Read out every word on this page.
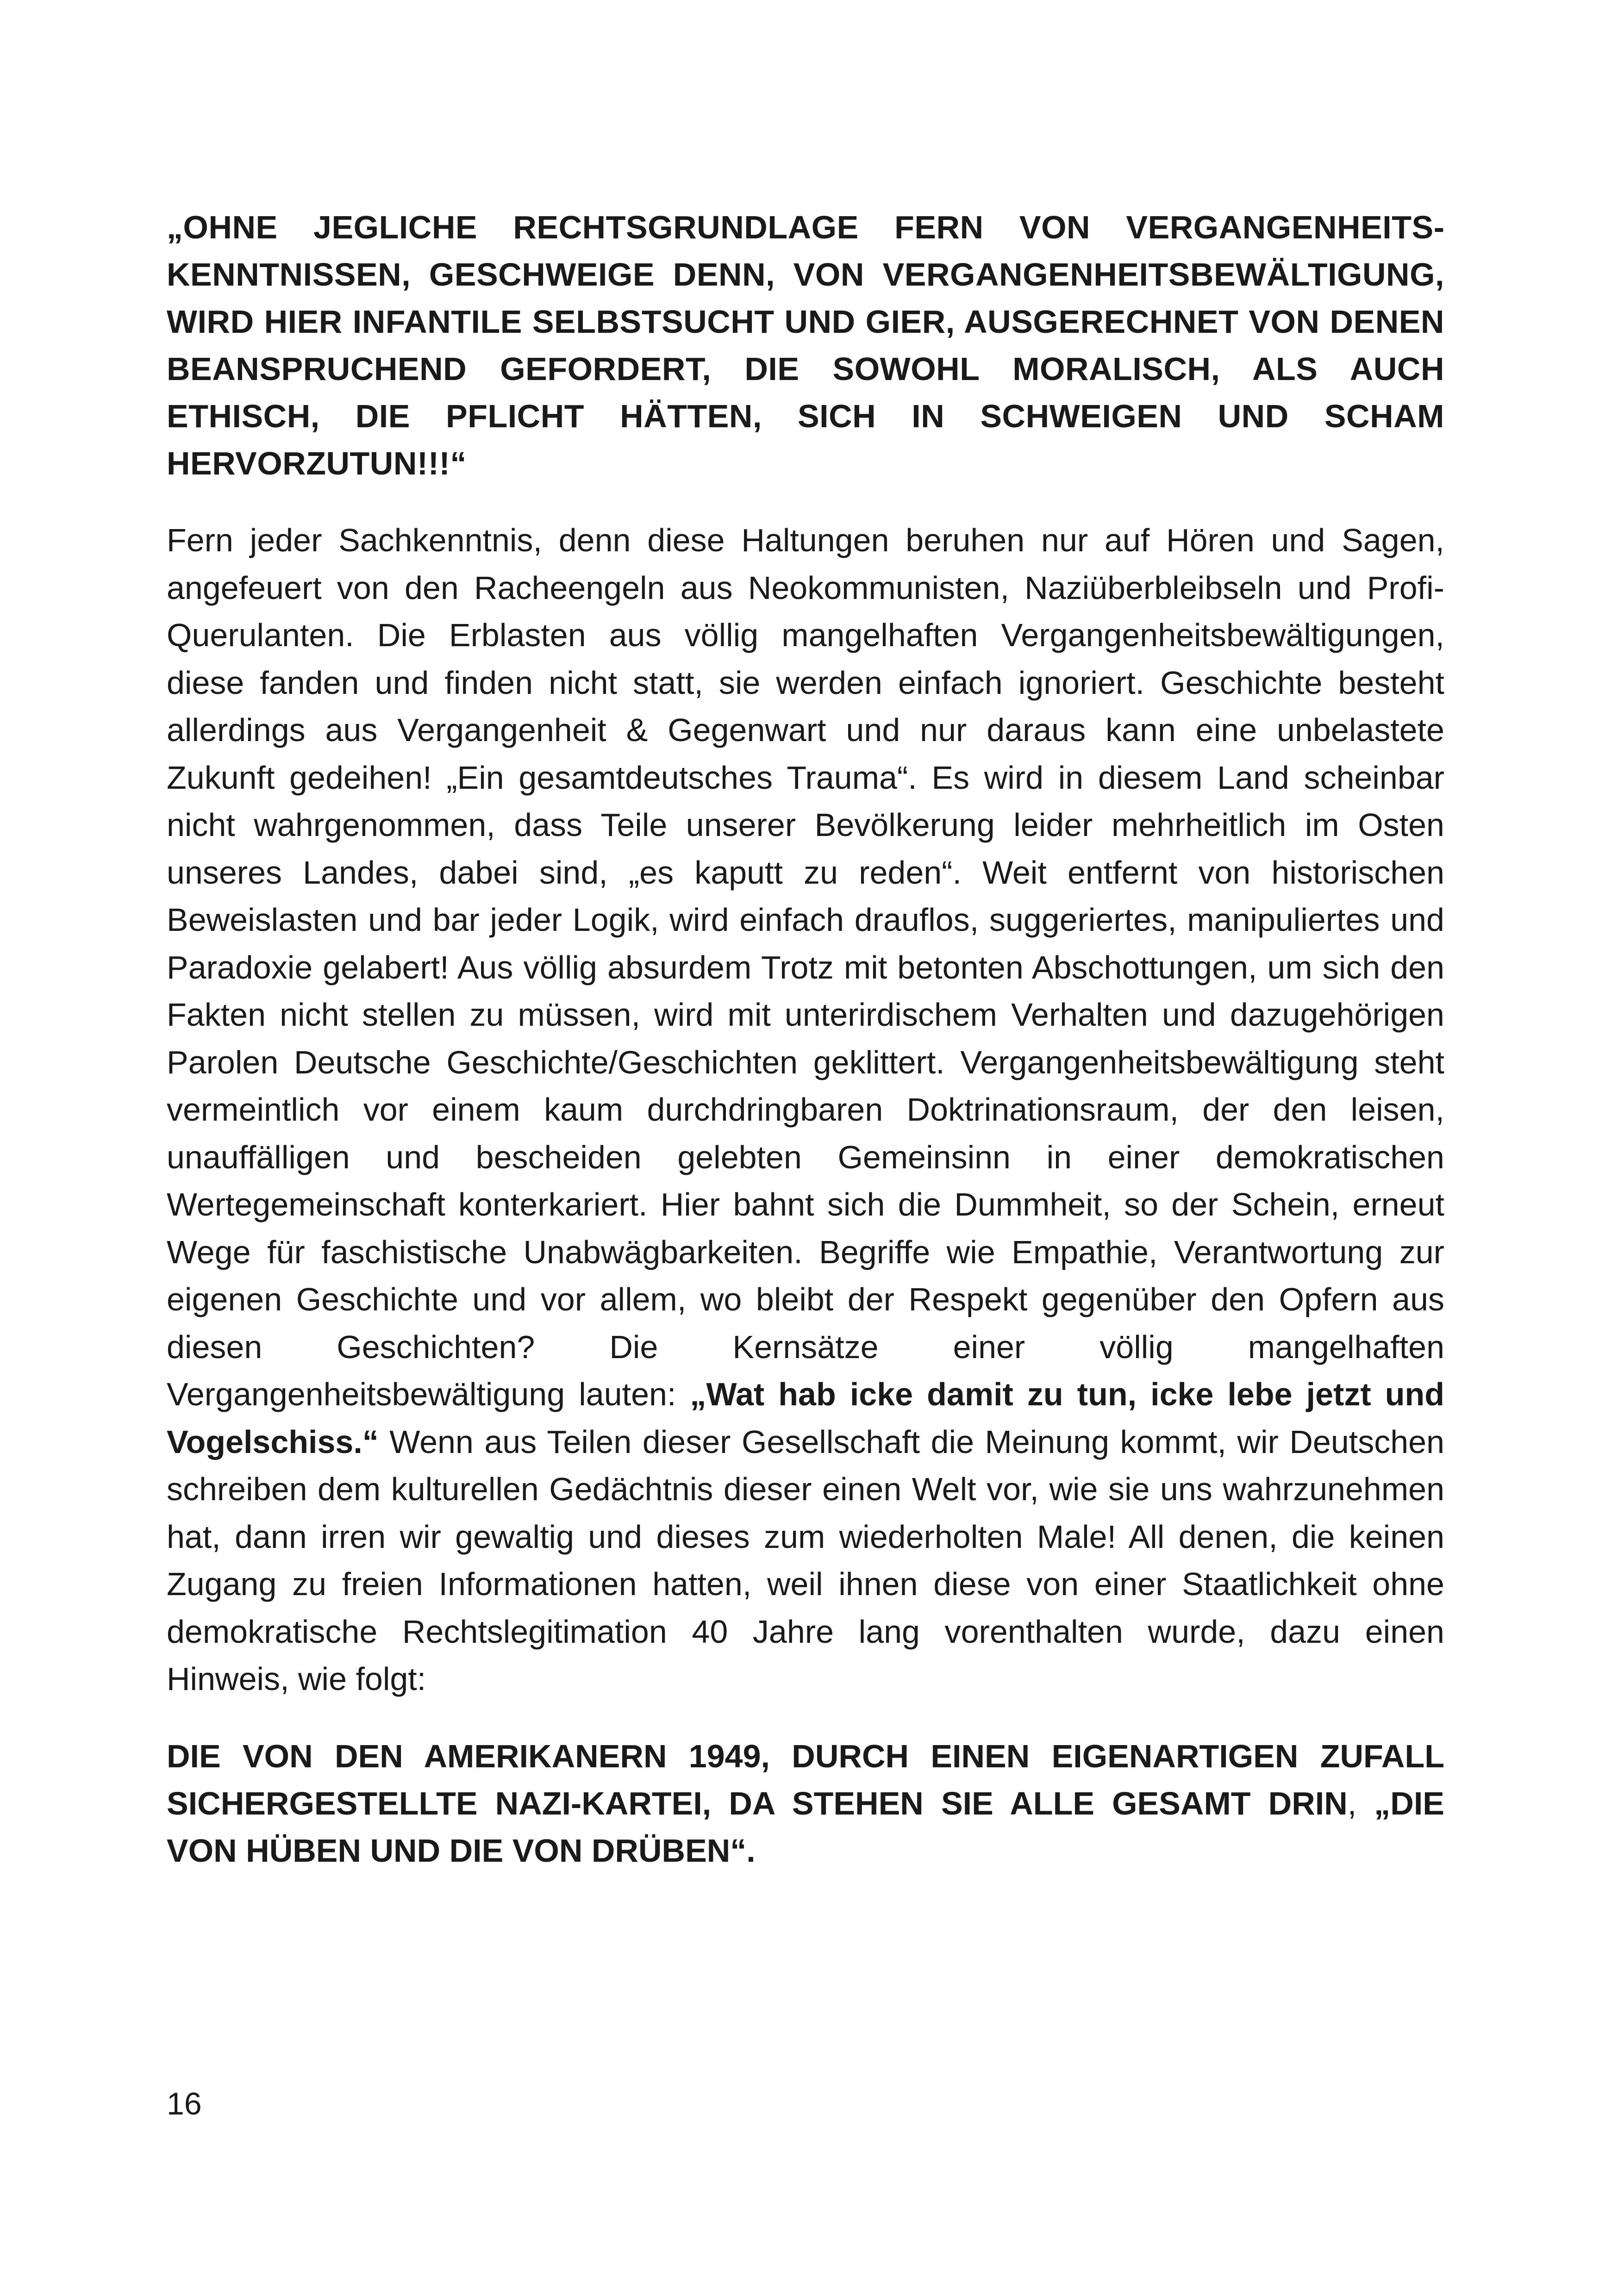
„OHNE JEGLICHE RECHTSGRUNDLAGE FERN VON VERGANGENHEITSKENNTNISSEN, GESCHWEIGE DENN, VON VERGANGENHEITSBEWÄLTIGUNG, WIRD HIER INFANTILE SELBSTSUCHT UND GIER, AUSGERECHNET VON DENEN BEANSPRUCHEND GEFORDERT, DIE SOWOHL MORALISCH, ALS AUCH ETHISCH, DIE PFLICHT HÄTTEN, SICH IN SCHWEIGEN UND SCHAM HERVORZUTUN!!!“

Fern jeder Sachkenntnis, denn diese Haltungen beruhen nur auf Hören und Sagen, angefeuert von den Racheengeln aus Neokommunisten, Naziüberbleibseln und Profi-Querulanten. Die Erblasten aus völlig mangelhaften Vergangenheitsbewältigungen, diese fanden und finden nicht statt, sie werden einfach ignoriert. Geschichte besteht allerdings aus Vergangenheit & Gegenwart und nur daraus kann eine unbelastete Zukunft gedeihen! „Ein gesamtdeutsches Trauma“. Es wird in diesem Land scheinbar nicht wahrgenommen, dass Teile unserer Bevölkerung leider mehrheitlich im Osten unseres Landes, dabei sind, „es kaputt zu reden“. Weit entfernt von historischen Beweislasten und bar jeder Logik, wird einfach drauflos, suggeriertes, manipuliertes und Paradoxie gelabert! Aus völlig absurdem Trotz mit betonten Abschottungen, um sich den Fakten nicht stellen zu müssen, wird mit unterirdischem Verhalten und dazugehörigen Parolen Deutsche Geschichte/Geschichten geklittert. Vergangenheitsbewältigung steht vermeintlich vor einem kaum durchdringbaren Doktrinationsraum, der den leisen, unauffälligen und bescheiden gelebten Gemeinsinn in einer demokratischen Wertegemeinschaft konterkariert. Hier bahnt sich die Dummheit, so der Schein, erneut Wege für faschistische Unabwägbarkeiten. Begriffe wie Empathie, Verantwortung zur eigenen Geschichte und vor allem, wo bleibt der Respekt gegenüber den Opfern aus diesen Geschichten? Die Kernsätze einer völlig mangelhaften Vergangenheitsbewältigung lauten: „Wat hab icke damit zu tun, icke lebe jetzt und Vogelschiss.“ Wenn aus Teilen dieser Gesellschaft die Meinung kommt, wir Deutschen schreiben dem kulturellen Gedächtnis dieser einen Welt vor, wie sie uns wahrzunehmen hat, dann irren wir gewaltig und dieses zum wiederholten Male! All denen, die keinen Zugang zu freien Informationen hatten, weil ihnen diese von einer Staatlichkeit ohne demokratische Rechtslegitimation 40 Jahre lang vorenthalten wurde, dazu einen Hinweis, wie folgt:

DIE VON DEN AMERIKANERN 1949, DURCH EINEN EIGENARTIGEN ZUFALL SICHERGESTELLTE NAZI-KARTEI, DA STEHEN SIE ALLE GESAMT DRIN, „DIE VON HÜBEN UND DIE VON DRÜBEN“.

16
